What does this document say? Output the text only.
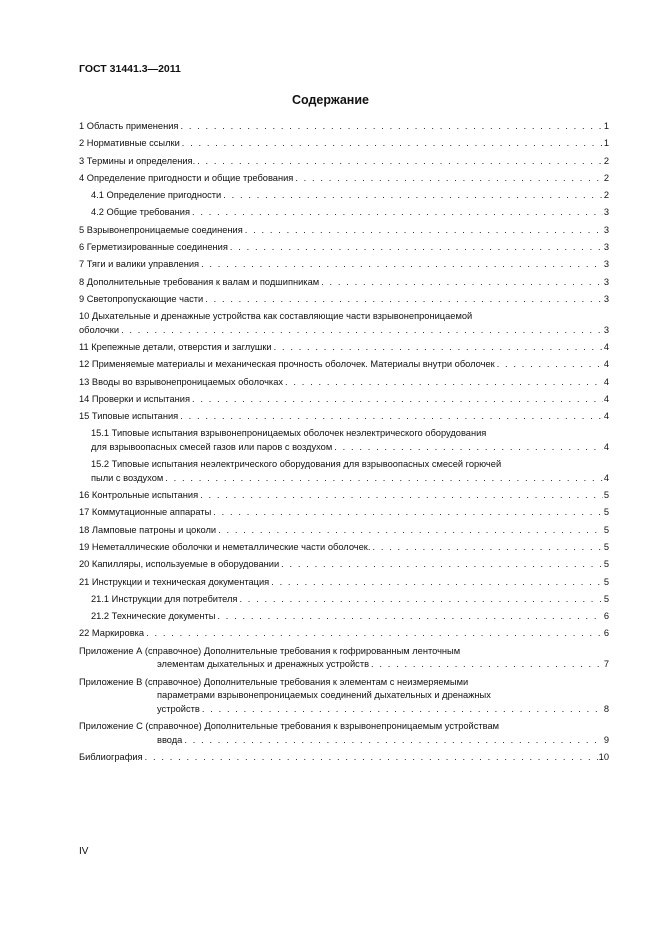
ГОСТ 31441.3—2011
Содержание
1 Область применения . . .	1
2 Нормативные ссылки . . .	1
3 Термины и определения. . . .	2
4 Определение пригодности и общие требования . . .	2
4.1 Определение пригодности . . .	2
4.2 Общие требования . . .	3
5 Взрывонепроницаемые соединения . . .	3
6 Герметизированные соединения . . .	3
7 Тяги и валики управления . . .	3
8 Дополнительные требования к валам и подшипникам . . .	3
9 Светопропускающие части . . .	3
10 Дыхательные и дренажные устройства как составляющие части взрывонепроницаемой
оболочки . . .	3
11 Крепежные детали, отверстия и заглушки . . .	4
12 Применяемые материалы и механическая прочность оболочек. Материалы внутри оболочек . . .	4
13 Вводы во взрывонепроницаемых оболочках . . .	4
14 Проверки и испытания . . .	4
15 Типовые испытания . . .	4
15.1 Типовые испытания взрывонепроницаемых оболочек неэлектрического оборудования
для взрывоопасных смесей газов или паров с воздухом . . .	4
15.2 Типовые испытания неэлектрического оборудования для взрывоопасных смесей горючей
пыли с воздухом . . .	4
16 Контрольные испытания . . .	5
17 Коммутационные аппараты . . .	5
18 Ламповые патроны и цоколи . . .	5
19 Неметаллические оболочки и неметаллические части оболочек. . . .	5
20 Капилляры, используемые в оборудовании . . .	5
21 Инструкции и техническая документация . . .	5
21.1 Инструкции для потребителя . . .	5
21.2 Технические документы . . .	6
22 Маркировка . . .	6
Приложение А (справочное) Дополнительные требования к гофрированным ленточным
элементам дыхательных и дренажных устройств . . .	7
Приложение В (справочное) Дополнительные требования к элементам с неизмеряемыми
параметрами взрывонепроницаемых соединений дыхательных и дренажных
устройств . . .	8
Приложение С (справочное) Дополнительные требования к взрывонепроницаемым устройствам
ввода . . .	9
Библиография . . .	10
IV
